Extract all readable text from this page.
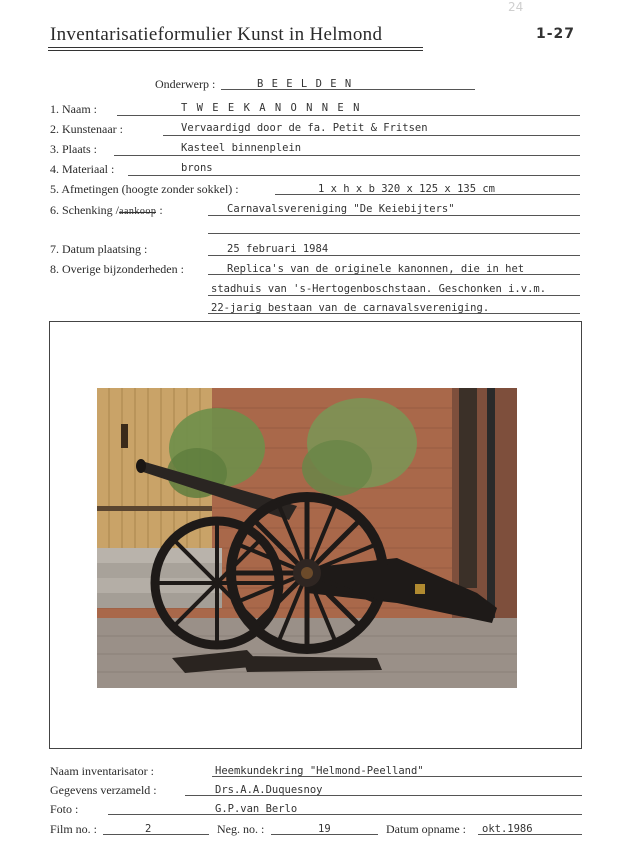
24
Inventarisatieformulier Kunst in Helmond	1-27
Onderwerp :	B E E L D E N
1. Naam :	T W E E K A N O N N E N
2. Kunstenaar :	Vervaardigd door de fa. Petit & Fritsen
3. Plaats :	Kasteel binnenplein
4. Materiaal :	brons
5. Afmetingen (hoogte zonder sokkel) :	1 x h x b 320 x 125 x 135 cm
6. Schenking /aankoop :	Carnavalsvereniging "De Keiebijters"
7. Datum plaatsing :	25 februari 1984
8. Overige bijzonderheden :	Replica's van de originele kanonnen, die in het
stadhuis van 's-Hertogenboschstaan. Geschonken i.v.m.
22-jarig bestaan van de carnavalsvereniging.
Naam inventarisator :	Heemkundekring "Helmond-Peelland"
Gegevens verzameld :	Drs.A.A.Duquesnoy
Foto :	G.P.van Berlo
Film no. :	2	Neg. no. :	19	Datum opname : okt.1986
